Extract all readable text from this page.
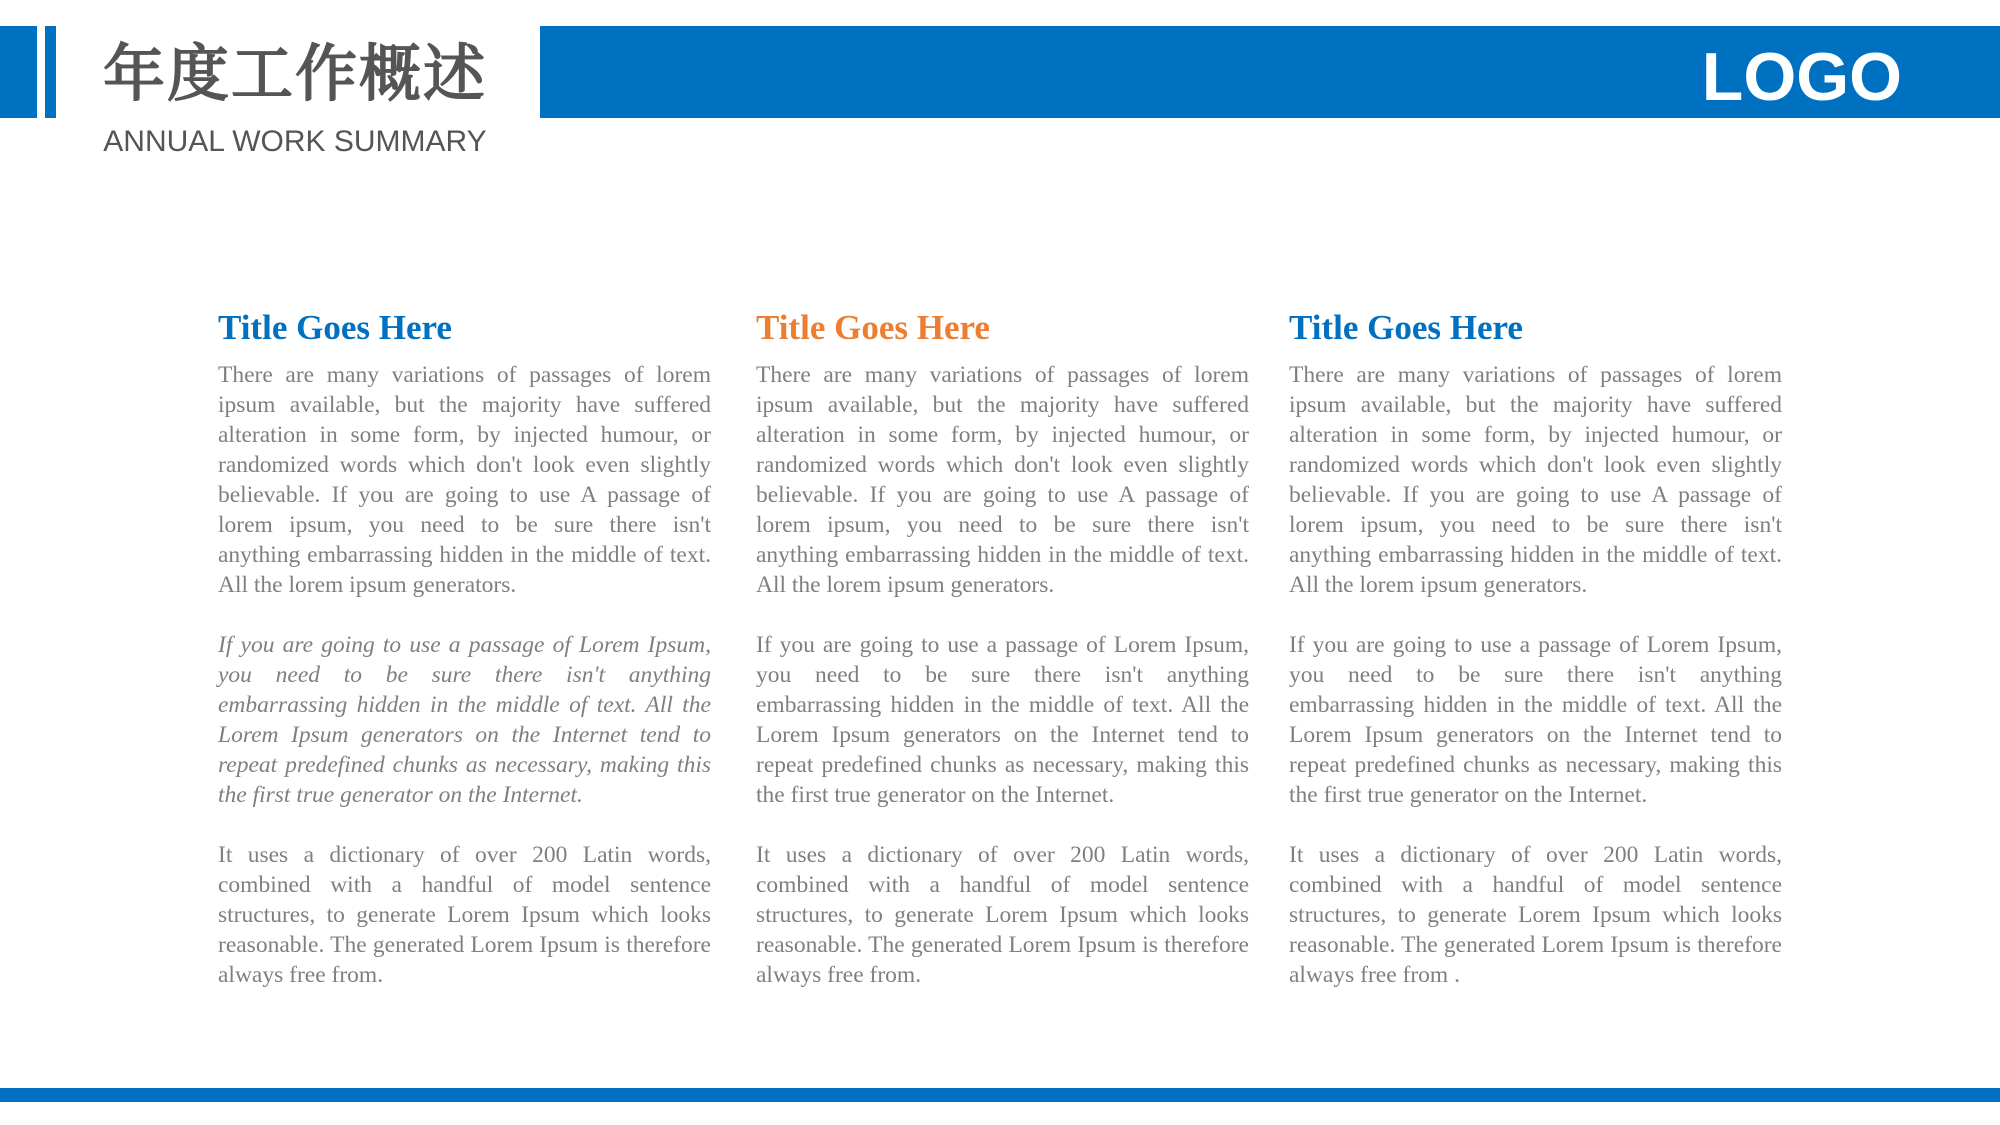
年度工作概述
ANNUAL WORK SUMMARY
LOGO
Title Goes Here

There are many variations of passages of lorem ipsum available, but the majority have suffered alteration in some form, by injected humour, or randomized words which don't look even slightly believable. If you are going to use A passage of lorem ipsum, you need to be sure there isn't anything embarrassing hidden in the middle of text. All the lorem ipsum generators.

If you are going to use a passage of Lorem Ipsum, you need to be sure there isn't anything embarrassing hidden in the middle of text. All the Lorem Ipsum generators on the Internet tend to repeat predefined chunks as necessary, making this the first true generator on the Internet.

It uses a dictionary of over 200 Latin words, combined with a handful of model sentence structures, to generate Lorem Ipsum which looks reasonable. The generated Lorem Ipsum is therefore always free from.

Title Goes Here

There are many variations of passages of lorem ipsum available, but the majority have suffered alteration in some form, by injected humour, or randomized words which don't look even slightly believable. If you are going to use A passage of lorem ipsum, you need to be sure there isn't anything embarrassing hidden in the middle of text. All the lorem ipsum generators.

If you are going to use a passage of Lorem Ipsum, you need to be sure there isn't anything embarrassing hidden in the middle of text. All the Lorem Ipsum generators on the Internet tend to repeat predefined chunks as necessary, making this the first true generator on the Internet.

It uses a dictionary of over 200 Latin words, combined with a handful of model sentence structures, to generate Lorem Ipsum which looks reasonable. The generated Lorem Ipsum is therefore always free from.

Title Goes Here

There are many variations of passages of lorem ipsum available, but the majority have suffered alteration in some form, by injected humour, or randomized words which don't look even slightly believable. If you are going to use A passage of lorem ipsum, you need to be sure there isn't anything embarrassing hidden in the middle of text. All the lorem ipsum generators.

If you are going to use a passage of Lorem Ipsum, you need to be sure there isn't anything embarrassing hidden in the middle of text. All the Lorem Ipsum generators on the Internet tend to repeat predefined chunks as necessary, making this the first true generator on the Internet.

It uses a dictionary of over 200 Latin words, combined with a handful of model sentence structures, to generate Lorem Ipsum which looks reasonable. The generated Lorem Ipsum is therefore always free from .
